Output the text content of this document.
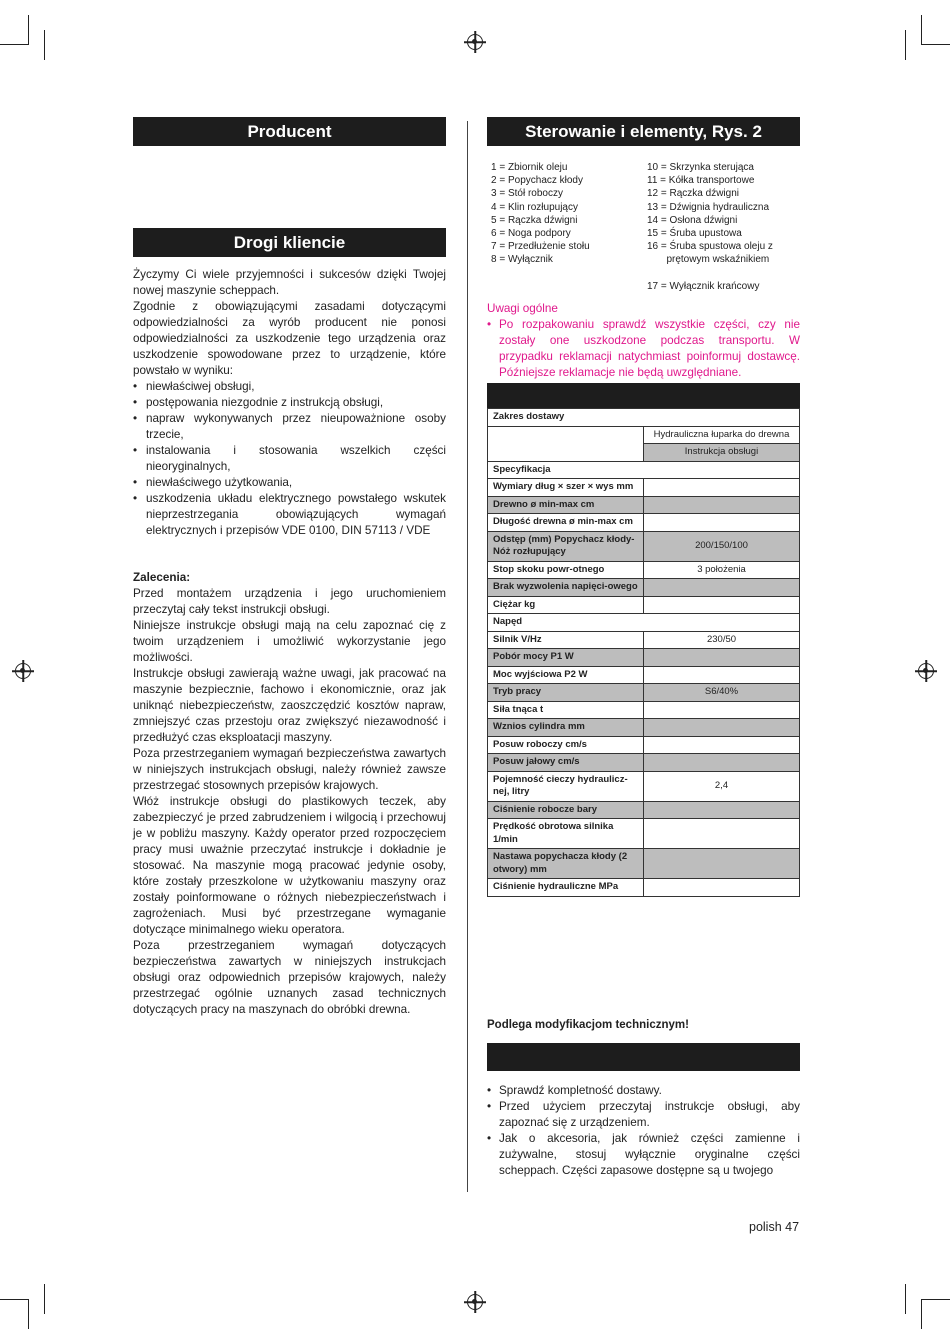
Producent
Drogi kliencie

Życzymy Ci wiele przyjemności i sukcesów dzięki Twojej nowej maszynie scheppach.

Zgodnie z obowiązującymi zasadami dotyczącymi odpowiedzialności za wyrób producent nie ponosi odpowiedzialności za uszkodzenie tego urządzenia oraz uszkodzenie spowodowane przez to urządzenie, które powstało w wyniku:

• niewłaściwej obsługi,
• postępowania niezgodnie z instrukcją obsługi,
• napraw wykonywanych przez nieupoważnione osoby trzecie,
• instalowania i stosowania wszelkich części nieoryginalnych,
• niewłaściwego użytkowania,
• uszkodzenia układu elektrycznego powstałego wskutek nieprzestrzegania obowiązujących wymagań elektrycznych i przepisów VDE 0100, DIN 57113 / VDE

Zalecenia:

Przed montażem urządzenia i jego uruchomieniem przeczytaj cały tekst instrukcji obsługi.

Niniejsze instrukcje obsługi mają na celu zapoznać cię z twoim urządzeniem i umożliwić wykorzystanie jego możliwości.

Instrukcje obsługi zawierają ważne uwagi, jak pracować na maszynie bezpiecznie, fachowo i ekonomicznie, oraz jak uniknąć niebezpieczeństw, zaoszczędzić kosztów napraw, zmniejszyć czas przestoju oraz zwiększyć niezawodność i przedłużyć czas eksploatacji maszyny.

Poza przestrzeganiem wymagań bezpieczeństwa zawartych w niniejszych instrukcjach obsługi, należy również zawsze przestrzegać stosownych przepisów krajowych.

Włóż instrukcje obsługi do plastikowych teczek, aby zabezpieczyć je przed zabrudzeniem i wilgocią i przechowuj je w pobliżu maszyny. Każdy operator przed rozpoczęciem pracy musi uważnie przeczytać instrukcje i dokładnie je stosować. Na maszynie mogą pracować jedynie osoby, które zostały przeszkolone w użytkowaniu maszyny oraz zostały poinformowane o różnych niebezpieczeństwach i zagrożeniach. Musi być przestrzegane wymaganie dotyczące minimalnego wieku operatora.

Poza przestrzeganiem wymagań dotyczących bezpieczeństwa zawartych w niniejszych instrukcjach obsługi oraz odpowiednich przepisów krajowych, należy przestrzegać ogólnie uznanych zasad technicznych dotyczących pracy na maszynach do obróbki drewna.

Sterowanie i elementy, Rys. 2
1 = Zbiornik oleju
2 = Popychacz kłody
3 = Stół roboczy
4 = Klin rozłupujący
5 = Rączka dźwigni
6 = Noga podpory
7 = Przedłużenie stołu
8 = Wyłącznik
10 = Skrzynka sterująca
11 = Kółka transportowe
12 = Rączka dźwigni
13 = Dźwignia hydrauliczna
14 = Osłona dźwigni
15 = Śruba upustowa
16 = Śruba spustowa oleju z
prętowym wskaźnikiem
17 = Wyłącznik krańcowy
Uwagi ogólne
• Po rozpakowaniu sprawdź wszystkie części, czy nie zostały one uszkodzone podczas transportu. W przypadku reklamacji natychmiast poinformuj dostawcę. Późniejsze reklamacje nie będą uwzględniane.
Zakres dostawy	
	Hydrauliczna łuparka do drewna
	Instrukcja obsługi
Specyfikacja	
Wymiary dług × szer × wys mm	
Drewno ø min-max cm	
Długość drewna ø min-max cm	
Odstęp (mm) Popychacz kłody-Nóż rozłupujący	200/150/100
Stop skoku powr-otnego	3 położenia
Brak wyzwolenia napięci-owego	
Ciężar kg	
Napęd	
Silnik V/Hz	230/50
Pobór mocy P1 W	
Moc wyjściowa P2 W	
Tryb pracy	S6/40%
Siła tnąca t	
Wznios cylindra mm	
Posuw roboczy cm/s	
Posuw jałowy cm/s	
Pojemność cieczy hydraulicz-nej, litry	2,4
Ciśnienie robocze bary	
Prędkość obrotowa silnika 1/min	
Nastawa popychacza kłody (2 otwory) mm	
Ciśnienie hydrauliczne MPa	
Podlega modyfikacjom technicznym!
• Sprawdź kompletność dostawy.
• Przed użyciem przeczytaj instrukcje obsługi, aby zapoznać się z urządzeniem.
• Jak o akcesoria, jak również części zamienne i zużywalne, stosuj wyłącznie oryginalne części scheppach. Części zapasowe dostępne są u twojego
polish 47
